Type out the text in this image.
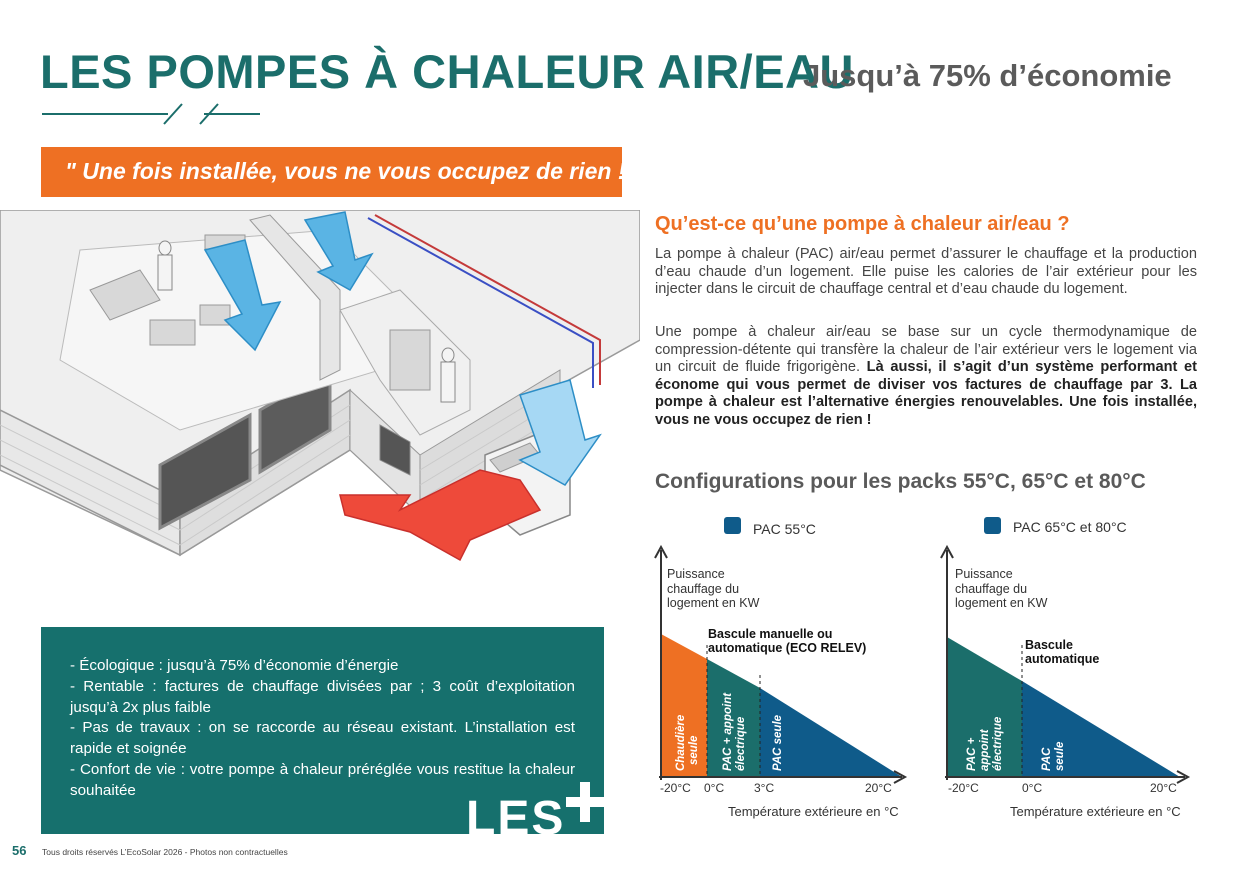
LES POMPES À CHALEUR AIR/EAU
Jusqu’à 75% d’économie
" Une fois installée, vous ne vous occupez de rien ! "
Qu’est-ce qu’une pompe à chaleur air/eau ?
La pompe à chaleur (PAC) air/eau permet d’assurer le chauffage et la production d’eau chaude d’un logement. Elle puise les calories de l’air extérieur pour les injecter dans le circuit de chauffage central et d’eau chaude du logement.
Une pompe à chaleur air/eau se base sur un cycle thermodynamique de compression-détente qui transfère la chaleur de l’air extérieur vers le logement via un circuit de fluide frigorigène. Là aussi, il s’agit d’un système performant et économe qui vous permet de diviser vos factures de chauffage par 3. La pompe à chaleur est l’alternative énergies renouvelables. Une fois installée, vous ne vous occupez de rien !
Configurations pour les packs 55°C, 65°C et 80°C
PAC 55°C
Puissance
chauffage du
logement en KW
-20°C 0°C 3°C	20°C
Température extérieure en °C
Bascule manuelle ou
automatique (ECO RELEV)
Chaudière seule PAC + appoint électrique PAC seule
PAC 65°C et 80°C
Puissance
chauffage du
logement en KW
-20°C	0°C	20°C
Température extérieure en °C
Bascule
automatique
PAC + appoint électrique	PAC seule
- Écologique : jusqu’à 75% d’économie d’énergie
- Rentable : factures de chauffage divisées par ; 3 coût d’exploitation jusqu’à 2x plus faible
- Pas de travaux : on se raccorde au réseau existant. L’installation est rapide et soignée
- Confort de vie : votre pompe à chaleur préréglée vous restitue la chaleur souhaitée
LES
56 Tous droits réservés L’EcoSolar 2026 - Photos non contractuelles
